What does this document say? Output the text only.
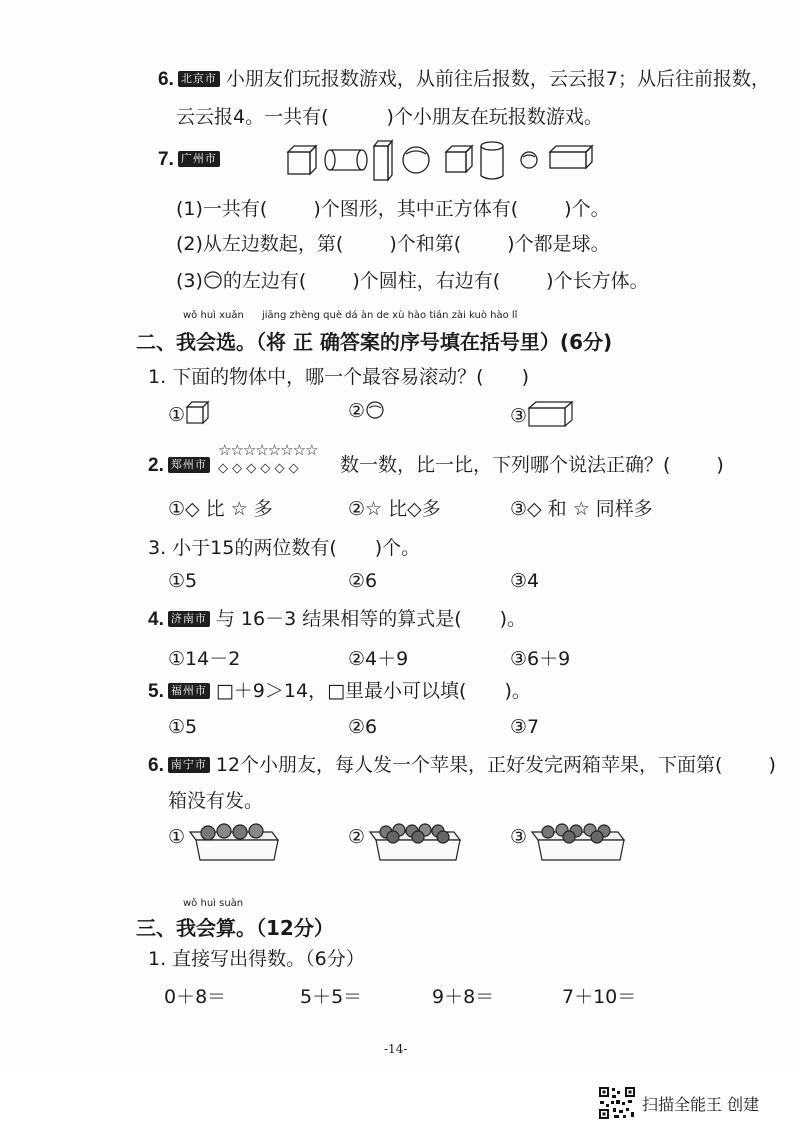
6. 北京市 小朋友们玩报数游戏，从前往后报数，云云报7；从后往前报数，
云云报4。一共有(	)个小朋友在玩报数游戏。
7. 广州市
(1)一共有( )个图形，其中正方体有( )个。
(2)从左边数起，第( )个和第( )个都是球。
(3) 的左边有( )个圆柱，右边有( )个长方体。
wǒ huì xuǎn jiāng zhèng què dá àn de xù hào tián zài kuò hào lǐ
二、我会选。（将 正 确答案的序号填在括号里）(6分)
1. 下面的物体中，哪一个最容易滚动？(　　)
①	②	③
2. 郑州市
☆☆☆☆☆☆☆☆
◇ ◇ ◇ ◇ ◇ ◇ 数一数，比一比，下列哪个说法正确？( )
①◇ 比 ☆ 多	②☆ 比◇多	③◇ 和 ☆ 同样多
3. 小于15的两位数有(　　)个。
①5	②6	③4
4. 济南市 与 16－3 结果相等的算式是(　　)。
①14－2	②4＋9	③6＋9
5. 福州市 □＋9＞14，□里最小可以填(　　)。
①5	②6	③7
6. 南宁市 12个小朋友，每人发一个苹果，正好发完两箱苹果，下面第( )
箱没有发。
①	②	③
wǒ huì suàn
三、我会算。（12分）
1. 直接写出得数。（6分）
0＋8＝	5＋5＝	9＋8＝	7＋10＝
-14-
扫描全能王 创建
